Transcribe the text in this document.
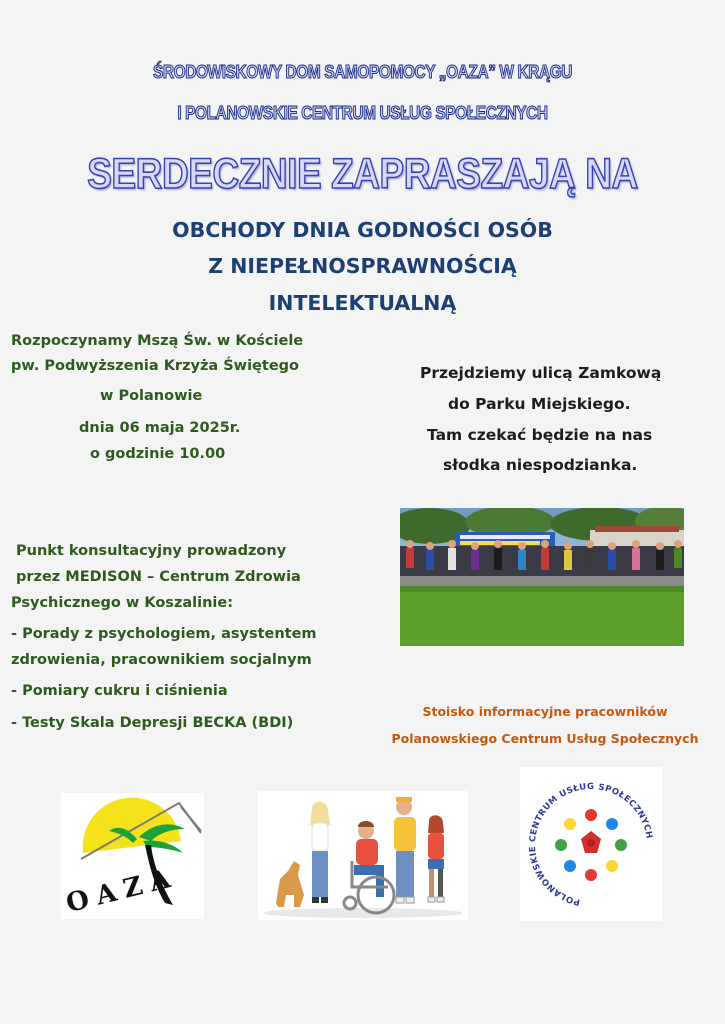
ŚRODOWISKOWY DOM SAMOPOMOCY „OAZA” W KRĄGU
I POLANOWSKIE CENTRUM USŁUG SPOŁECZNYCH
SERDECZNIE ZAPRASZAJĄ NA
OBCHODY DNIA GODNOŚCI OSÓB
Z NIEPEŁNOSPRAWNOŚCIĄ
INTELEKTUALNĄ
Rozpoczynamy Mszą Św. w Kościele
pw. Podwyższenia Krzyża Świętego
w Polanowie
dnia 06 maja 2025r.
o godzinie 10.00
Przejdziemy ulicą Zamkową
do Parku Miejskiego.
Tam czekać będzie na nas
słodka niespodzianka.
Punkt konsultacyjny prowadzony
przez MEDISON – Centrum Zdrowia
Psychicznego w Koszalinie:
- Porady z psychologiem, asystentem
zdrowienia, pracownikiem socjalnym
- Pomiary cukru i ciśnienia
- Testy Skala Depresji BECKA (BDI)
Stoisko informacyjne pracowników
Polanowskiego Centrum Usług Społecznych
OAZA	POLANOWSKIE CENTRUM USŁUG SPOŁECZNYCH
